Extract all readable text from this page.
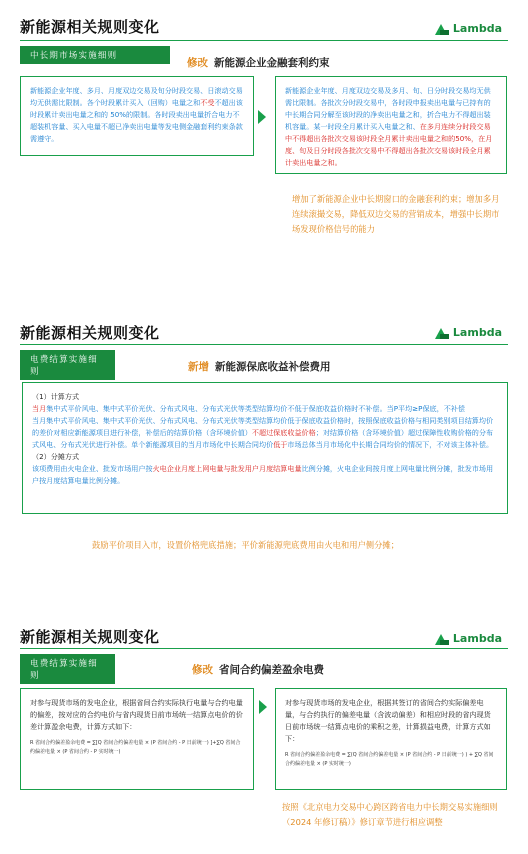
新能源相关规则变化	Lambda
中长期市场实施细则
修改 新能源企业金融套利约束
新能源企业年度、多月、月度双边交易及旬分时段交易、日滚动交易均无供需比限制。各个时段累计买入（回购）电量之和不受不超出该时段累计卖出电量之和的 50%的限制。各时段卖出电量折合电力不超装机容量、买入电量不超已净卖出电量等发电侧金融套利约束条款需遵守。
新能源企业年度、月度双边交易及多月、旬、日分时段交易均无供需比限制。各批次分时段交易中，各时段申报卖出电量与已持有的中长期合同分解至该时段的净卖出电量之和，折合电力不得超出装机容量。某一时段全月累计买入电量之和、在多月连续分时段交易中不得超出各批次交易该时段全月累计卖出电量之和的50%，在月度、旬及日分时段各批次交易中不得超出各批次交易该时段全月累计卖出电量之和。
增加了新能源企业中长期窗口的金融套利约束；增加多月连续滚撮交易，降低双边交易的营销成本，增强中长期市场发现价格信号的能力
新能源相关规则变化	Lambda
电费结算实施细则	新增 新能源保底收益补偿费用
（1）计算方式
当月集中式平价风电、集中式平价光伏、分布式风电、分布式光伏等类型结算均价不低于保底收益价格时不补偿。当P平均≥P保底，不补偿
当月集中式平价风电、集中式平价光伏、分布式风电、分布式光伏等类型结算均价低于保底收益价格时，按照保底收益价格与相同类别项目结算均价的差价对相应新能源项目进行补偿，补偿后的结算价格（含环境价值）不超过保底收益价格；对结算价格（含环境价值）超过保障性收购价格的分布式风电、分布式光伏进行补偿。单个新能源项目的当月市场化中长期合同均价低于市场总体当月市场化中长期合同均价的情况下，不对该主体补偿。
（2）分摊方式
该项费用由火电企业、批发市场用户按火电企业月度上网电量与批发用户月度结算电量比例分摊，火电企业间按月度上网电量比例分摊，批发市场用户按月度结算电量比例分摊。
鼓励平价项目入市，设置价格兜底措施；平价新能源兜底费用由火电和用户侧分摊；
新能源相关规则变化	Lambda
电费结算实施细则	修改 省间合约偏差盈余电费
对参与现货市场的发电企业，根据省间合约实际执行电量与合约电量的偏差，按对应的合约电价与省内现货日前市场统一结算点电价的价差计算盈余电费，计算方式如下：
R 省间合约偏差盈余电费 = ∑[Q 省间合约偏差电量 × (P 省间合约 - P 日前统一) ]+∑Q 省间合约偏差电量 × (P 省间合约 - P 实时统一)
对参与现货市场的发电企业，根据其签订的省间合约实际偏差电量，与合约执行的偏差电量（含波动偏差）和相应时段的省内现货日前市场统一结算点电价的乘积之差，计算损益电费，计算方式如下：
R 省间合约偏差盈余电费 = ∑(Q 省间合约偏差电量 × (P 省间合约 - P 日前统一) ) + ∑Q 省间合约偏差电量 × (P 实时统一)
按照《北京电力交易中心跨区跨省电力中长期交易实施细则（2024 年修订稿）》修订章节进行相应调整
